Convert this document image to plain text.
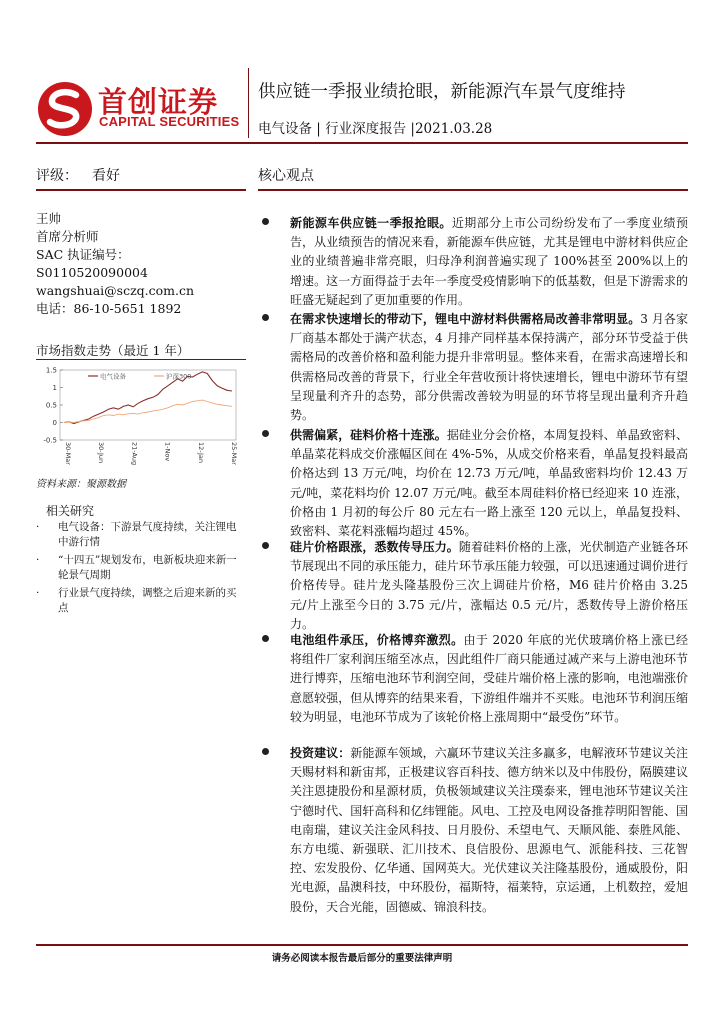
首创证券
CAPITAL SECURITIES
供应链一季报业绩抢眼，新能源汽车景气度维持
电气设备 | 行业深度报告 |2021.03.28
评级： 看好	核心观点
王帅
首席分析师
SAC 执证编号：
S0110520090004
wangshuai@sczq.com.cn
电话：86-10-5651 1892
市场指数走势（最近 1 年）
-0.5
0
0.5
1
1.5
30-Mar	30-Jun	21-Aug	1-Nov	12-Jan	25-Mar
电气设备	沪深300
资料来源：聚源数据
相关研究
· 电气设备：下游景气度持续，关注锂电中游行情
· “十四五”规划发布，电新板块迎来新一轮景气周期
· 行业景气度持续，调整之后迎来新的买点
新能源车供应链一季报抢眼。近期部分上市公司纷纷发布了一季度业绩预告，从业绩预告的情况来看，新能源车供应链，尤其是锂电中游材料供应企业的业绩普遍非常亮眼，归母净利润普遍实现了 100%甚至 200%以上的增速。这一方面得益于去年一季度受疫情影响下的低基数，但是下游需求的旺盛无疑起到了更加重要的作用。
在需求快速增长的带动下，锂电中游材料供需格局改善非常明显。3 月各家厂商基本都处于满产状态，4 月排产同样基本保持满产，部分环节受益于供需格局的改善价格和盈利能力提升非常明显。整体来看，在需求高速增长和供需格局改善的背景下，行业全年营收预计将快速增长，锂电中游环节有望呈现量利齐升的态势，部分供需改善较为明显的环节将呈现出量利齐升趋势。
供需偏紧，硅料价格十连涨。据硅业分会价格，本周复投料、单晶致密料、单晶菜花料成交价涨幅区间在 4%-5%，从成交价格来看，单晶复投料最高价格达到 13 万元/吨，均价在 12.73 万元/吨，单晶致密料均价 12.43 万元/吨，菜花料均价 12.07 万元/吨。截至本周硅料价格已经迎来 10 连涨，价格由 1 月初的每公斤 80 元左右一路上涨至 120 元以上，单晶复投料、致密料、菜花料涨幅均超过 45%。
硅片价格跟涨，悉数传导压力。随着硅料价格的上涨，光伏制造产业链各环节展现出不同的承压能力，硅片环节承压能力较强，可以迅速通过调价进行价格传导。硅片龙头隆基股份三次上调硅片价格，M6 硅片价格由 3.25 元/片上涨至今日的 3.75 元/片，涨幅达 0.5 元/片，悉数传导上游价格压力。
电池组件承压，价格博弈激烈。由于 2020 年底的光伏玻璃价格上涨已经将组件厂家利润压缩至冰点，因此组件厂商只能通过减产来与上游电池环节进行博弈，压缩电池环节利润空间，受硅片端价格上涨的影响，电池端涨价意愿较强，但从博弈的结果来看，下游组件端并不买账。电池环节利润压缩较为明显，电池环节成为了该轮价格上涨周期中“最受伤”环节。
投资建议：新能源车领域，六赢环节建议关注多赢多，电解液环节建议关注天赐材料和新宙邦，正极建议容百科技、德方纳米以及中伟股份，隔膜建议关注恩捷股份和星源材质，负极领域建议关注璞泰来，锂电池环节建议关注宁德时代、国轩高科和亿纬锂能。风电、工控及电网设备推荐明阳智能、国电南瑞，建议关注金风科技、日月股份、禾望电气、天顺风能、泰胜风能、东方电缆、新强联、汇川技术、良信股份、思源电气、派能科技、三花智控、宏发股份、亿华通、国网英大。光伏建议关注隆基股份，通威股份，阳光电源，晶澳科技，中环股份，福斯特，福莱特，京运通，上机数控，爱旭股份，天合光能，固德威、锦浪科技。
请务必阅读本报告最后部分的重要法律声明
